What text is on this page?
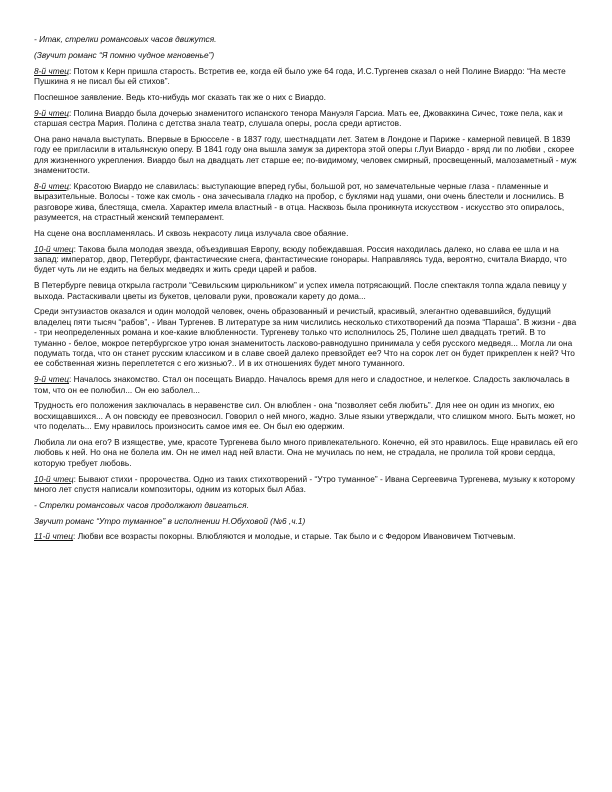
- Итак, стрелки романсовых часов движутся.
(Звучит романс “Я помню чудное мгновенье”)
8-й чтец: Потом к Керн пришла старость. Встретив ее, когда ей было уже 64 года, И.С.Тургенев сказал о ней Полине Виардо: “На месте Пушкина я не писал бы ей стихов”.
Поспешное заявление. Ведь кто-нибудь мог сказать так же о них с Виардо.
9-й чтец: Полина Виардо была дочерью знаменитого испанского тенора Мануэля Гарсиа. Мать ее, Джоваккина Сичес, тоже пела, как и старшая сестра Мария. Полина с детства знала театр, слушала оперы, росла среди артистов.
Она рано начала выступать. Впервые в Брюсселе - в 1837 году, шестнадцати лет. Затем в Лондоне и Париже - камерной певицей. В 1839 году ее пригласили в итальянскую оперу. В 1841 году она вышла замуж за директора этой оперы г.Луи Виардо - вряд ли по любви , скорее для жизненного укрепления. Виардо был на двадцать лет старше ее; по-видимому, человек смирный, просвещенный, малозаметный - муж знаменитости.
8-й чтец: Красотою Виардо не славилась: выступающие вперед губы, большой рот, но замечательные черные глаза - пламенные и выразительные. Волосы - тоже как смоль - она зачесывала гладко на пробор, с буклями над ушами, они очень блестели и лоснились. В разговоре жива, блестяща, смела. Характер имела властный - в отца. Насквозь была проникнута искусством - искусство это опиралось, разумеется, на страстный женский темперамент.
На сцене она воспламенялась. И сквозь некрасоту лица излучала свое обаяние.
10-й чтец: Такова была молодая звезда, объездившая Европу, всюду побеждавшая. Россия находилась далеко, но слава ее шла и на запад: император, двор, Петербург, фантастические снега, фантастические гонорары. Направляясь туда, вероятно, считала Виардо, что будет чуть ли не ездить на белых медведях и жить среди царей и рабов.
В Петербурге певица открыла гастроли “Севильским цирюльником” и успех имела потрясающий. После спектакля толпа ждала певицу у выхода. Растаскивали цветы из букетов, целовали руки, провожали карету до дома...
Среди энтузиастов оказался и один молодой человек, очень образованный и речистый, красивый, элегантно одевавшийся, будущий владелец пяти тысяч “рабов”, - Иван Тургенев. В литературе за ним числились несколько стихотворений да поэма “Параша”. В жизни - два - три неопределенных романа и кое-какие влюбленности. Тургеневу только что исполнилось 25, Полине шел двадцать третий. В то туманно - белое, мокрое петербургское утро юная знаменитость ласково-равнодушно принимала у себя русского медведя... Могла ли она подумать тогда, что он станет русским классиком и в славе своей далеко превзойдет ее? Что на сорок лет он будет прикреплен к ней? Что ее собственная жизнь переплетется с его жизнью?.. И в их отношениях будет много туманного.
9-й чтец: Началось знакомство. Стал он посещать Виардо. Началось время для него и сладостное, и нелегкое. Сладость заключалась в том, что он ее полюбил... Он ею заболел...
Трудность его положения заключалась в неравенстве сил. Он влюблен - она “позволяет себя любить”. Для нее он один из многих, ею восхищавшихся... А он повсюду ее превозносил. Говорил о ней много, жадно. Злые языки утверждали, что слишком много. Быть может, но что поделать... Ему нравилось произносить самое имя ее. Он был ею одержим.
Любила ли она его? В изяществе, уме, красоте Тургенева было много привлекательного. Конечно, ей это нравилось. Еще нравилась ей его любовь к ней. Но она не болела им. Он не имел над ней власти. Она не мучилась по нем, не страдала, не пролила той крови сердца, которую требует любовь.
10-й чтец: Бывают стихи - пророчества. Одно из таких стихотворений - “Утро туманное” - Ивана Сергеевича Тургенева, музыку к которому много лет спустя написали композиторы, одним из которых был Абаз.
- Стрелки романсовых часов продолжают двигаться.
Звучит романс “Утро туманное” в исполнении Н.Обуховой (№6 ,ч.1)
11-й чтец: Любви все возрасты покорны. Влюбляются и молодые, и старые. Так было и с Федором Ивановичем Тютчевым.
